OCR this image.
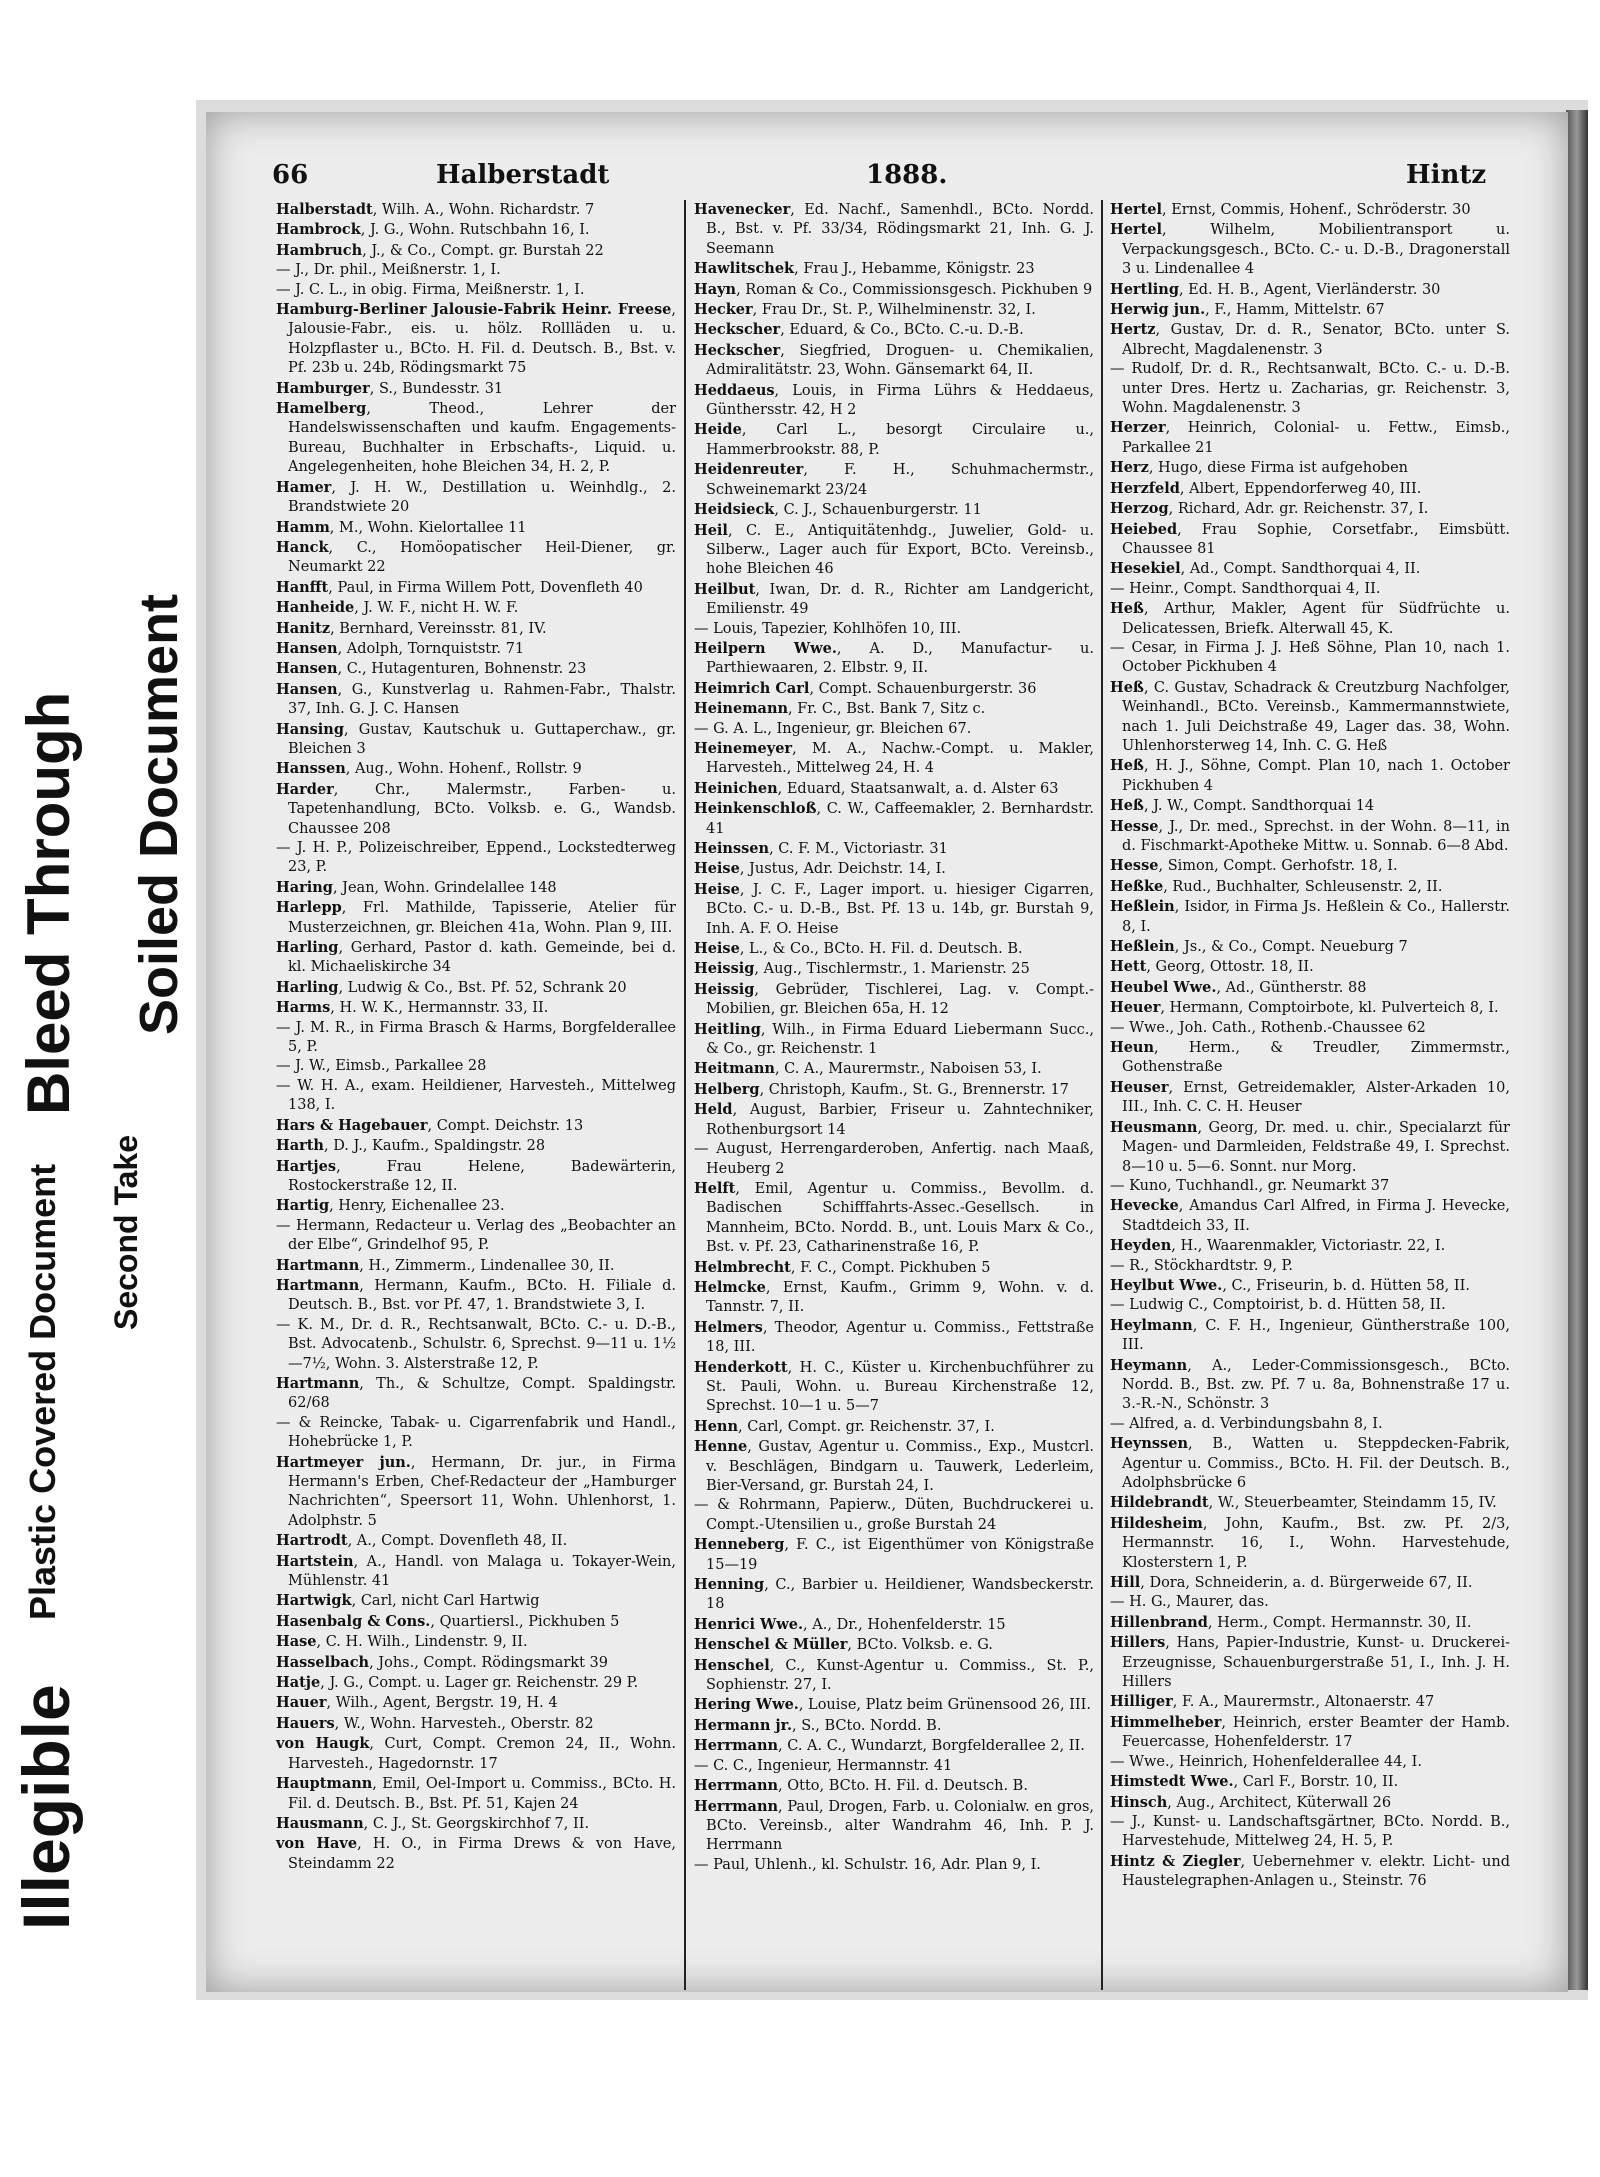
Illegible
Plastic Covered Document Second Take
Bleed Through Soiled Document
66	Halberstadt	1888.	Hintz

Halberstadt, Wilh. A., Wohn. Richardstr. 7

Hambrock, J. G., Wohn. Rutschbahn 16, I.

Hambruch, J., & Co., Compt. gr. Burstah 22

— J., Dr. phil., Meißnerstr. 1, I.

— J. C. L., in obig. Firma, Meißnerstr. 1, I.

Hamburg-Berliner Jalousie-Fabrik Heinr. Freese, Jalousie-Fabr., eis. u. hölz. Rollläden u. u. Holzpflaster u., BCto. H. Fil. d. Deutsch. B., Bst. v. Pf. 23b u. 24b, Rödingsmarkt 75

Hamburger, S., Bundesstr. 31

Hamelberg, Theod., Lehrer der Handelswissenschaften und kaufm. Engagements-Bureau, Buchhalter in Erbschafts-, Liquid. u. Angelegenheiten, hohe Bleichen 34, H. 2, P.

Hamer, J. H. W., Destillation u. Weinhdlg., 2. Brandstwiete 20

Hamm, M., Wohn. Kielortallee 11

Hanck, C., Homöopatischer Heil-Diener, gr. Neumarkt 22

Hanfft, Paul, in Firma Willem Pott, Dovenfleth 40

Hanheide, J. W. F., nicht H. W. F.

Hanitz, Bernhard, Vereinsstr. 81, IV.

Hansen, Adolph, Tornquiststr. 71

Hansen, C., Hutagenturen, Bohnenstr. 23

Hansen, G., Kunstverlag u. Rahmen-Fabr., Thalstr. 37, Inh. G. J. C. Hansen

Hansing, Gustav, Kautschuk u. Guttaperchaw., gr. Bleichen 3

Hanssen, Aug., Wohn. Hohenf., Rollstr. 9

Harder, Chr., Malermstr., Farben- u. Tapetenhandlung, BCto. Volksb. e. G., Wandsb. Chaussee 208

— J. H. P., Polizeischreiber, Eppend., Lockstedterweg 23, P.

Haring, Jean, Wohn. Grindelallee 148

Harlepp, Frl. Mathilde, Tapisserie, Atelier für Musterzeichnen, gr. Bleichen 41a, Wohn. Plan 9, III.

Harling, Gerhard, Pastor d. kath. Gemeinde, bei d. kl. Michaeliskirche 34

Harling, Ludwig & Co., Bst. Pf. 52, Schrank 20

Harms, H. W. K., Hermannstr. 33, II.

— J. M. R., in Firma Brasch & Harms, Borgfelderallee 5, P.

— J. W., Eimsb., Parkallee 28

— W. H. A., exam. Heildiener, Harvesteh., Mittelweg 138, I.

Hars & Hagebauer, Compt. Deichstr. 13

Harth, D. J., Kaufm., Spaldingstr. 28

Hartjes, Frau Helene, Badewärterin, Rostockerstraße 12, II.

Hartig, Henry, Eichenallee 23.

— Hermann, Redacteur u. Verlag des „Beobachter an der Elbe“, Grindelhof 95, P.

Hartmann, H., Zimmerm., Lindenallee 30, II.

Hartmann, Hermann, Kaufm., BCto. H. Filiale d. Deutsch. B., Bst. vor Pf. 47, 1. Brandstwiete 3, I.

— K. M., Dr. d. R., Rechtsanwalt, BCto. C.- u. D.-B., Bst. Advocatenb., Schulstr. 6, Sprechst. 9—11 u. 1½—7½, Wohn. 3. Alsterstraße 12, P.

Hartmann, Th., & Schultze, Compt. Spaldingstr. 62/68

— & Reincke, Tabak- u. Cigarrenfabrik und Handl., Hohebrücke 1, P.

Hartmeyer jun., Hermann, Dr. jur., in Firma Hermann's Erben, Chef-Redacteur der „Hamburger Nachrichten“, Speersort 11, Wohn. Uhlenhorst, 1. Adolphstr. 5

Hartrodt, A., Compt. Dovenfleth 48, II.

Hartstein, A., Handl. von Malaga u. Tokayer-Wein, Mühlenstr. 41

Hartwigk, Carl, nicht Carl Hartwig

Hasenbalg & Cons., Quartiersl., Pickhuben 5

Hase, C. H. Wilh., Lindenstr. 9, II.

Hasselbach, Johs., Compt. Rödingsmarkt 39

Hatje, J. G., Compt. u. Lager gr. Reichenstr. 29 P.

Hauer, Wilh., Agent, Bergstr. 19, H. 4

Hauers, W., Wohn. Harvesteh., Oberstr. 82

von Haugk, Curt, Compt. Cremon 24, II., Wohn. Harvesteh., Hagedornstr. 17

Hauptmann, Emil, Oel-Import u. Commiss., BCto. H. Fil. d. Deutsch. B., Bst. Pf. 51, Kajen 24

Hausmann, C. J., St. Georgskirchhof 7, II.

von Have, H. O., in Firma Drews & von Have, Steindamm 22

Havenecker, Ed. Nachf., Samenhdl., BCto. Nordd. B., Bst. v. Pf. 33/34, Rödingsmarkt 21, Inh. G. J. Seemann

Hawlitschek, Frau J., Hebamme, Königstr. 23

Hayn, Roman & Co., Commissionsgesch. Pickhuben 9

Hecker, Frau Dr., St. P., Wilhelminenstr. 32, I.

Heckscher, Eduard, & Co., BCto. C.-u. D.-B.

Heckscher, Siegfried, Droguen- u. Chemikalien, Admiralitätstr. 23, Wohn. Gänsemarkt 64, II.

Heddaeus, Louis, in Firma Lührs & Heddaeus, Günthersstr. 42, H 2

Heide, Carl L., besorgt Circulaire u., Hammerbrookstr. 88, P.

Heidenreuter, F. H., Schuhmachermstr., Schweinemarkt 23/24

Heidsieck, C. J., Schauenburgerstr. 11

Heil, C. E., Antiquitätenhdg., Juwelier, Gold- u. Silberw., Lager auch für Export, BCto. Vereinsb., hohe Bleichen 46

Heilbut, Iwan, Dr. d. R., Richter am Landgericht, Emilienstr. 49

— Louis, Tapezier, Kohlhöfen 10, III.

Heilpern Wwe., A. D., Manufactur- u. Parthiewaaren, 2. Elbstr. 9, II.

Heimrich Carl, Compt. Schauenburgerstr. 36

Heinemann, Fr. C., Bst. Bank 7, Sitz c.

— G. A. L., Ingenieur, gr. Bleichen 67.

Heinemeyer, M. A., Nachw.-Compt. u. Makler, Harvesteh., Mittelweg 24, H. 4

Heinichen, Eduard, Staatsanwalt, a. d. Alster 63

Heinkenschloß, C. W., Caffeemakler, 2. Bernhardstr. 41

Heinssen, C. F. M., Victoriastr. 31

Heise, Justus, Adr. Deichstr. 14, I.

Heise, J. C. F., Lager import. u. hiesiger Cigarren, BCto. C.- u. D.-B., Bst. Pf. 13 u. 14b, gr. Burstah 9, Inh. A. F. O. Heise

Heise, L., & Co., BCto. H. Fil. d. Deutsch. B.

Heissig, Aug., Tischlermstr., 1. Marienstr. 25

Heissig, Gebrüder, Tischlerei, Lag. v. Compt.-Mobilien, gr. Bleichen 65a, H. 12

Heitling, Wilh., in Firma Eduard Liebermann Succ., & Co., gr. Reichenstr. 1

Heitmann, C. A., Maurermstr., Naboisen 53, I.

Helberg, Christoph, Kaufm., St. G., Brennerstr. 17

Held, August, Barbier, Friseur u. Zahntechniker, Rothenburgsort 14

— August, Herrengarderoben, Anfertig. nach Maaß, Heuberg 2

Helft, Emil, Agentur u. Commiss., Bevollm. d. Badischen Schifffahrts-Assec.-Gesellsch. in Mannheim, BCto. Nordd. B., unt. Louis Marx & Co., Bst. v. Pf. 23, Catharinenstraße 16, P.

Helmbrecht, F. C., Compt. Pickhuben 5

Helmcke, Ernst, Kaufm., Grimm 9, Wohn. v. d. Tannstr. 7, II.

Helmers, Theodor, Agentur u. Commiss., Fettstraße 18, III.

Henderkott, H. C., Küster u. Kirchenbuchführer zu St. Pauli, Wohn. u. Bureau Kirchenstraße 12, Sprechst. 10—1 u. 5—7

Henn, Carl, Compt. gr. Reichenstr. 37, I.

Henne, Gustav, Agentur u. Commiss., Exp., Mustcrl. v. Beschlägen, Bindgarn u. Tauwerk, Lederleim, Bier-Versand, gr. Burstah 24, I.

— & Rohrmann, Papierw., Düten, Buchdruckerei u. Compt.-Utensilien u., große Burstah 24

Henneberg, F. C., ist Eigenthümer von Königstraße 15—19

Henning, C., Barbier u. Heildiener, Wandsbeckerstr. 18

Henrici Wwe., A., Dr., Hohenfelderstr. 15

Henschel & Müller, BCto. Volksb. e. G.

Henschel, C., Kunst-Agentur u. Commiss., St. P., Sophienstr. 27, I.

Hering Wwe., Louise, Platz beim Grünensood 26, III.

Hermann jr., S., BCto. Nordd. B.

Herrmann, C. A. C., Wundarzt, Borgfelderallee 2, II.

— C. C., Ingenieur, Hermannstr. 41

Herrmann, Otto, BCto. H. Fil. d. Deutsch. B.

Herrmann, Paul, Drogen, Farb. u. Colonialw. en gros, BCto. Vereinsb., alter Wandrahm 46, Inh. P. J. Herrmann

— Paul, Uhlenh., kl. Schulstr. 16, Adr. Plan 9, I.

Hertel, Ernst, Commis, Hohenf., Schröderstr. 30

Hertel, Wilhelm, Mobilientransport u. Verpackungsgesch., BCto. C.- u. D.-B., Dragonerstall 3 u. Lindenallee 4

Hertling, Ed. H. B., Agent, Vierländerstr. 30

Herwig jun., F., Hamm, Mittelstr. 67

Hertz, Gustav, Dr. d. R., Senator, BCto. unter S. Albrecht, Magdalenenstr. 3

— Rudolf, Dr. d. R., Rechtsanwalt, BCto. C.- u. D.-B. unter Dres. Hertz u. Zacharias, gr. Reichenstr. 3, Wohn. Magdalenenstr. 3

Herzer, Heinrich, Colonial- u. Fettw., Eimsb., Parkallee 21

Herz, Hugo, diese Firma ist aufgehoben

Herzfeld, Albert, Eppendorferweg 40, III.

Herzog, Richard, Adr. gr. Reichenstr. 37, I.

Heiebed, Frau Sophie, Corsetfabr., Eimsbütt. Chaussee 81

Hesekiel, Ad., Compt. Sandthorquai 4, II.

— Heinr., Compt. Sandthorquai 4, II.

Heß, Arthur, Makler, Agent für Südfrüchte u. Delicatessen, Briefk. Alterwall 45, K.

— Cesar, in Firma J. J. Heß Söhne, Plan 10, nach 1. October Pickhuben 4

Heß, C. Gustav, Schadrack & Creutzburg Nachfolger, Weinhandl., BCto. Vereinsb., Kammermannstwiete, nach 1. Juli Deichstraße 49, Lager das. 38, Wohn. Uhlenhorsterweg 14, Inh. C. G. Heß

Heß, H. J., Söhne, Compt. Plan 10, nach 1. October Pickhuben 4

Heß, J. W., Compt. Sandthorquai 14

Hesse, J., Dr. med., Sprechst. in der Wohn. 8—11, in d. Fischmarkt-Apotheke Mittw. u. Sonnab. 6—8 Abd.

Hesse, Simon, Compt. Gerhofstr. 18, I.

Heßke, Rud., Buchhalter, Schleusenstr. 2, II.

Heßlein, Isidor, in Firma Js. Heßlein & Co., Hallerstr. 8, I.

Heßlein, Js., & Co., Compt. Neueburg 7

Hett, Georg, Ottostr. 18, II.

Heubel Wwe., Ad., Güntherstr. 88

Heuer, Hermann, Comptoirbote, kl. Pulverteich 8, I.

— Wwe., Joh. Cath., Rothenb.-Chaussee 62

Heun, Herm., & Treudler, Zimmermstr., Gothenstraße

Heuser, Ernst, Getreidemakler, Alster-Arkaden 10, III., Inh. C. C. H. Heuser

Heusmann, Georg, Dr. med. u. chir., Specialarzt für Magen- und Darmleiden, Feldstraße 49, I. Sprechst. 8—10 u. 5—6. Sonnt. nur Morg.

— Kuno, Tuchhandl., gr. Neumarkt 37

Hevecke, Amandus Carl Alfred, in Firma J. Hevecke, Stadtdeich 33, II.

Heyden, H., Waarenmakler, Victoriastr. 22, I.

— R., Stöckhardtstr. 9, P.

Heylbut Wwe., C., Friseurin, b. d. Hütten 58, II.

— Ludwig C., Comptoirist, b. d. Hütten 58, II.

Heylmann, C. F. H., Ingenieur, Güntherstraße 100, III.

Heymann, A., Leder-Commissionsgesch., BCto. Nordd. B., Bst. zw. Pf. 7 u. 8a, Bohnenstraße 17 u. 3.-R.-N., Schönstr. 3

— Alfred, a. d. Verbindungsbahn 8, I.

Heynssen, B., Watten u. Steppdecken-Fabrik, Agentur u. Commiss., BCto. H. Fil. der Deutsch. B., Adolphsbrücke 6

Hildebrandt, W., Steuerbeamter, Steindamm 15, IV.

Hildesheim, John, Kaufm., Bst. zw. Pf. 2/3, Hermannstr. 16, I., Wohn. Harvestehude, Klosterstern 1, P.

Hill, Dora, Schneiderin, a. d. Bürgerweide 67, II.

— H. G., Maurer, das.

Hillenbrand, Herm., Compt. Hermannstr. 30, II.

Hillers, Hans, Papier-Industrie, Kunst- u. Druckerei-Erzeugnisse, Schauenburgerstraße 51, I., Inh. J. H. Hillers

Hilliger, F. A., Maurermstr., Altonaerstr. 47

Himmelheber, Heinrich, erster Beamter der Hamb. Feuercasse, Hohenfelderstr. 17

— Wwe., Heinrich, Hohenfelderallee 44, I.

Himstedt Wwe., Carl F., Borstr. 10, II.

Hinsch, Aug., Architect, Küterwall 26

— J., Kunst- u. Landschaftsgärtner, BCto. Nordd. B., Harvestehude, Mittelweg 24, H. 5, P.

Hintz & Ziegler, Uebernehmer v. elektr. Licht- und Haustelegraphen-Anlagen u., Steinstr. 76
